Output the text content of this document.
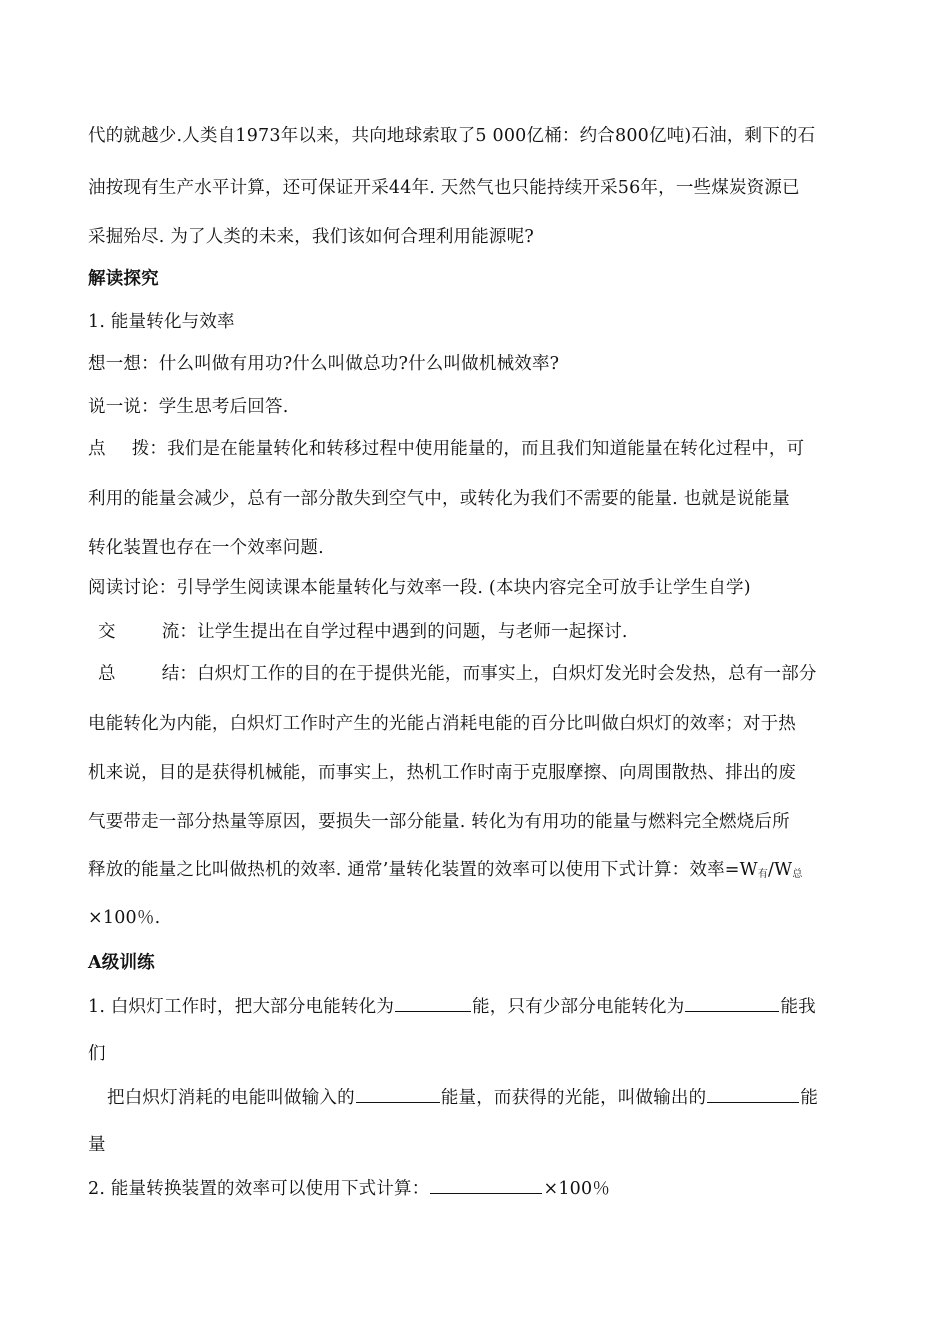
代的就越少.人类自1973年以来，共向地球索取了5 000亿桶：约合800亿吨)石油，剩下的石
油按现有生产水平计算，还可保证开采44年. 天然气也只能持续开采56年，一些煤炭资源已
采掘殆尽. 为了人类的未来，我们该如何合理利用能源呢?
解读探究
1. 能量转化与效率
想一想：什么叫做有用功?什么叫做总功?什么叫做机械效率?
说一说：学生思考后回答.
点 拨：我们是在能量转化和转移过程中使用能量的，而且我们知道能量在转化过程中，可
利用的能量会减少，总有一部分散失到空气中，或转化为我们不需要的能量. 也就是说能量
转化装置也存在一个效率问题.
阅读讨论：引导学生阅读课本能量转化与效率一段. (本块内容完全可放手让学生自学)
交	流：让学生提出在自学过程中遇到的问题，与老师一起探讨.
总	结：白炽灯工作的目的在于提供光能，而事实上，白炽灯发光时会发热，总有一部分
电能转化为内能，白炽灯工作时产生的光能占消耗电能的百分比叫做白炽灯的效率；对于热
机来说，目的是获得机械能，而事实上，热机工作时南于克服摩擦、向周围散热、排出的废
气要带走一部分热量等原因，要损失一部分能量. 转化为有用功的能量与燃料完全燃烧后所
释放的能量之比叫做热机的效率. 通常’量转化装置的效率可以使用下式计算：效率$=W_有/W_总$
×100％.
A级训练
1. 白炽灯工作时，把大部分电能转化为	能，只有少部分电能转化为	能我
们
把白炽灯消耗的电能叫做输入的	能量，而获得的光能，叫做输出的	能
量
2. 能量转换装置的效率可以使用下式计算：	×100％
